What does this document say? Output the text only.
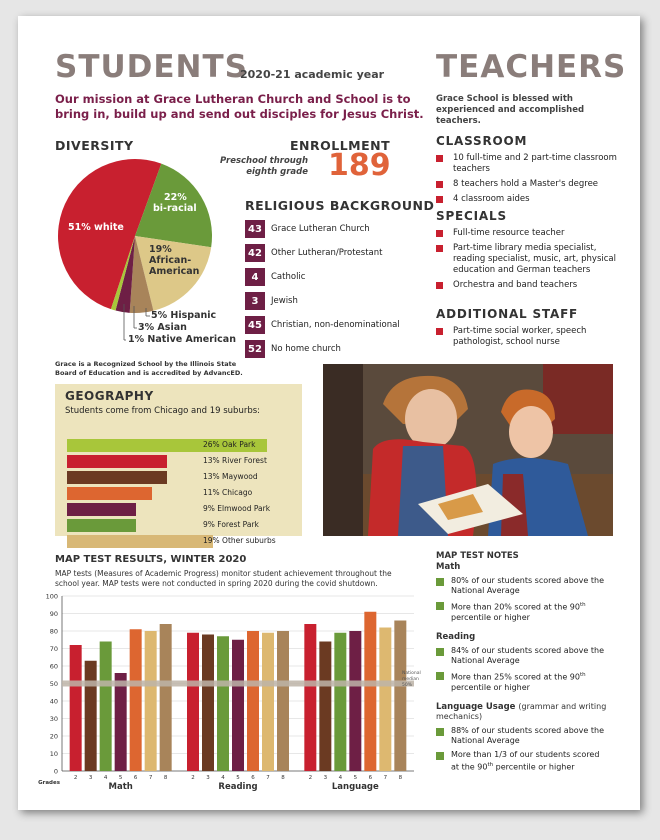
STUDENTS
2020-21 academic year
Our mission at Grace Lutheran Church and School is to bring in, build up and send out disciples for Jesus Christ.
TEACHERS
DIVERSITY
51% white
22%
bi-racial
19%
African-
American
5% Hispanic
3% Asian
1% Native American
ENROLLMENT
Preschool through
eighth grade 189
RELIGIOUS BACKGROUND
43	Grace Lutheran Church
42	Other Lutheran/Protestant
4	Catholic
3	Jewish
45	Christian, non-denominational
52	No home church
Grace is a Recognized School by the Illinois State
Board of Education and is accredited by AdvancED.
GEOGRAPHY
Students come from Chicago and 19 suburbs:
26% Oak Park
13% River Forest
13% Maywood
11% Chicago
9% Elmwood Park
9% Forest Park
19% Other suburbs
Grace School is blessed with experienced and accomplished teachers.
CLASSROOM
10 full-time and 2 part-time classroom teachers
8 teachers hold a Master's degree
4 classroom aides
SPECIALS
Full-time resource teacher
Part-time library media specialist, reading specialist, music, art, physical education and German teachers
Orchestra and band teachers
ADDITIONAL STAFF
Part-time social worker, speech pathologist, school nurse
MAP TEST RESULTS, WINTER 2020
MAP tests (Measures of Academic Progress) monitor student achievement throughout the school year. MAP tests were not conducted in spring 2020 during the covid shutdown.
0
10
20
30
40
50
60
70
80
90
100
2 3 4 5 6 7 8
Math
2 3 4 5 6 7 8
Reading
2 3 4 5 6 7 8
Language
Grades
MAP TEST NOTES
Math
80% of our students scored above the National Average
More than 20% scored at the 90th percentile or higher
Reading
84% of our students scored above the National Average
More than 25% scored at the 90th percentile or higher
Language Usage (grammar and writing mechanics)
88% of our students scored above the National Average
More than 1/3 of our students scored at the 90th percentile or higher
National
median
50%
